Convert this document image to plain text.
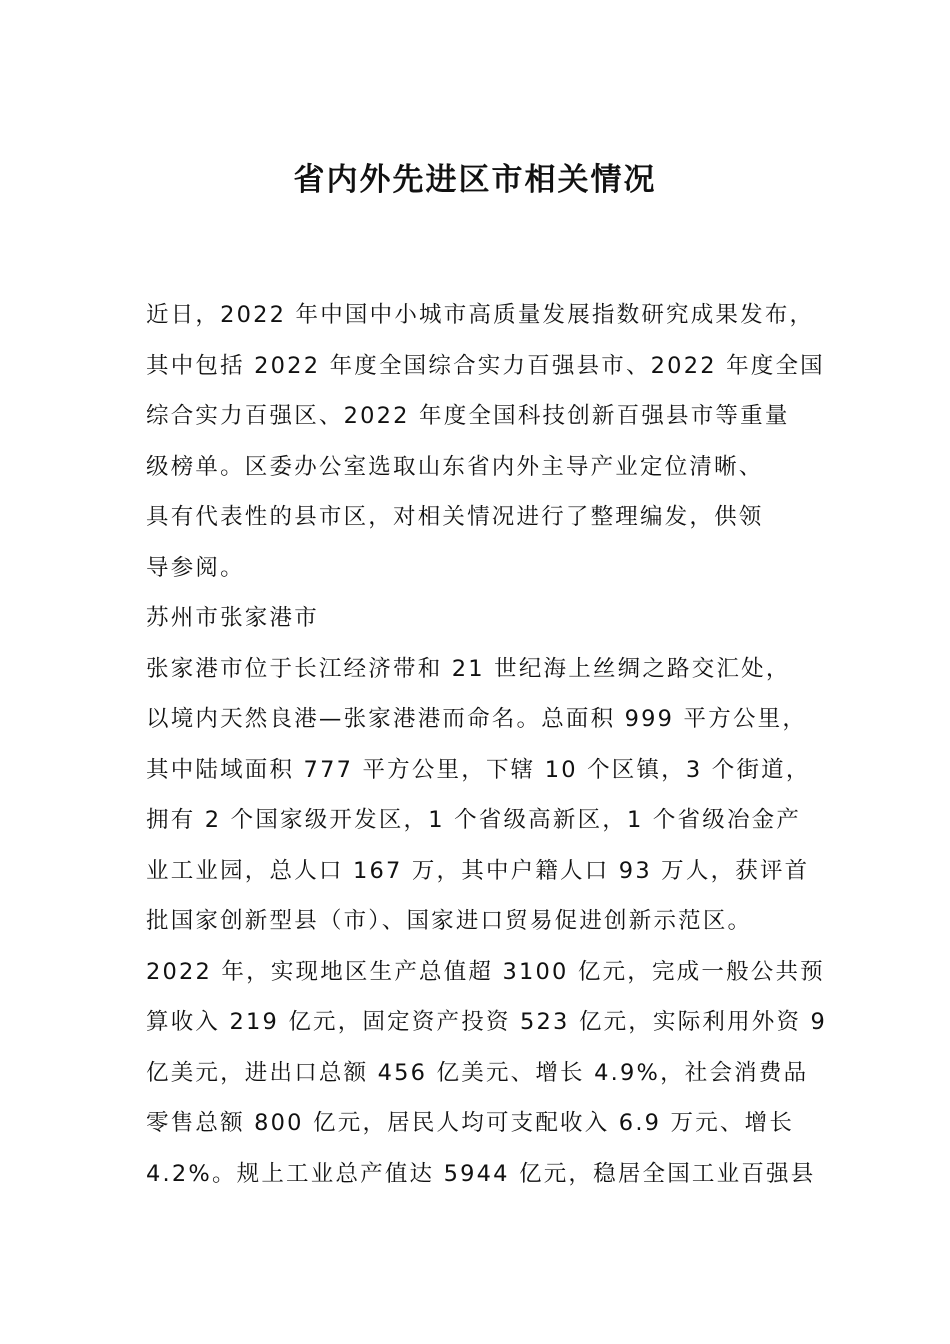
省内外先进区市相关情况
近日，2022 年中国中小城市高质量发展指数研究成果发布，
其中包括 2022 年度全国综合实力百强县市、2022 年度全国
综合实力百强区、2022 年度全国科技创新百强县市等重量
级榜单。区委办公室选取山东省内外主导产业定位清晰、
具有代表性的县市区，对相关情况进行了整理编发，供领
导参阅。
苏州市张家港市
张家港市位于长江经济带和 21 世纪海上丝绸之路交汇处，
以境内天然良港—张家港港而命名。总面积 999 平方公里，
其中陆域面积 777 平方公里，下辖 10 个区镇，3 个街道，
拥有 2 个国家级开发区，1 个省级高新区，1 个省级冶金产
业工业园，总人口 167 万，其中户籍人口 93 万人，获评首
批国家创新型县（市）、国家进口贸易促进创新示范区。
2022 年，实现地区生产总值超 3100 亿元，完成一般公共预
算收入 219 亿元，固定资产投资 523 亿元，实际利用外资 9
亿美元，进出口总额 456 亿美元、增长 4.9%，社会消费品
零售总额 800 亿元，居民人均可支配收入 6.9 万元、增长
4.2%。规上工业总产值达 5944 亿元，稳居全国工业百强县
